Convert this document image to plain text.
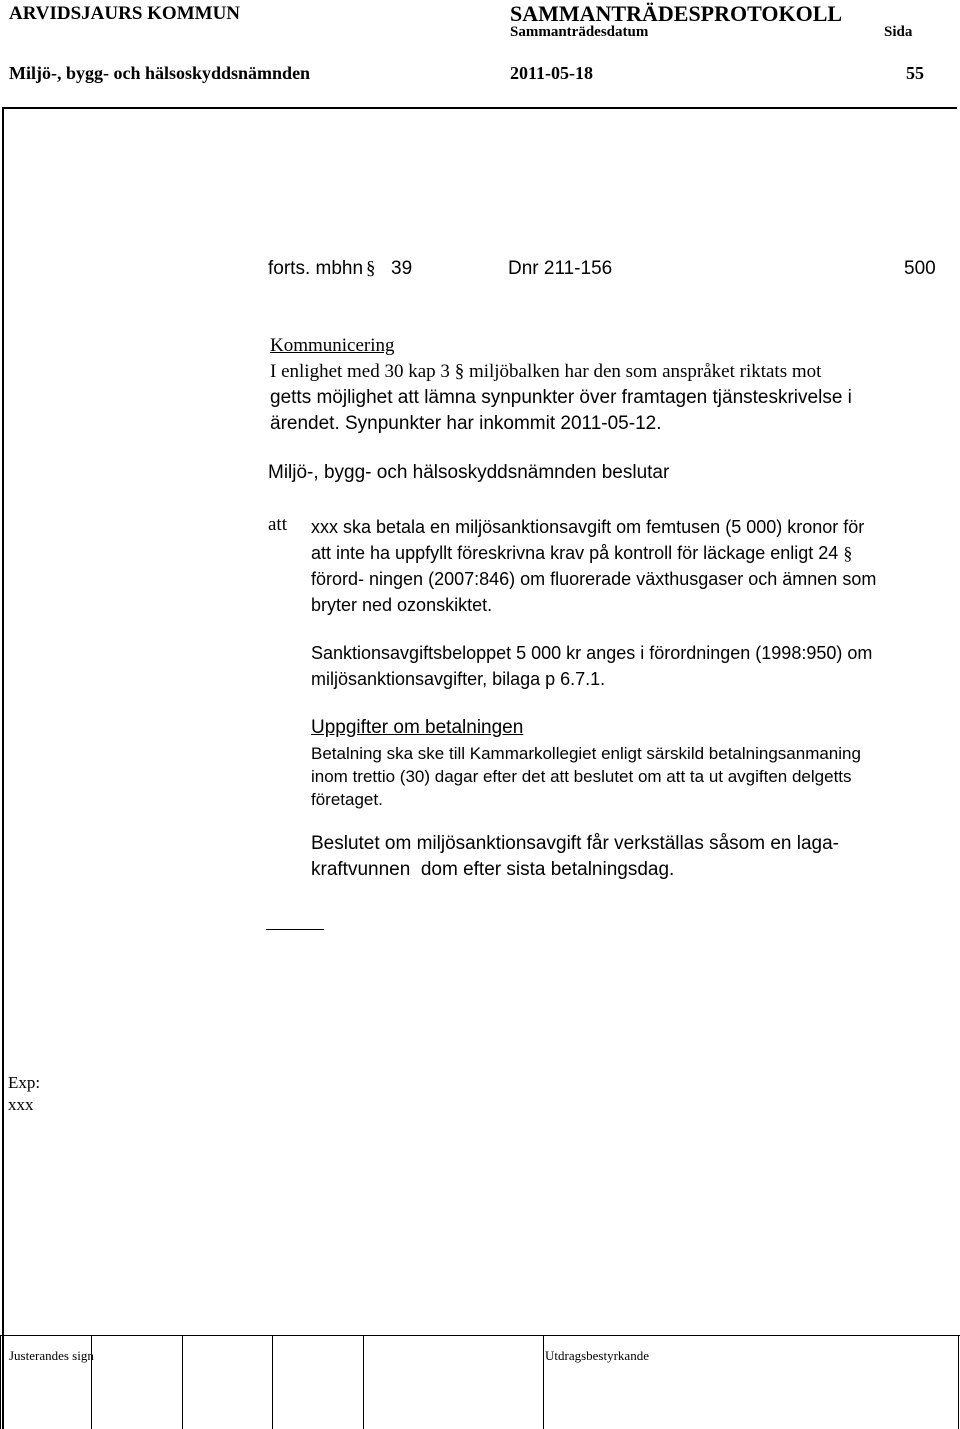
ARVIDSJAURS KOMMUN	SAMMANTRÄDESPROTOKOLL
Sammanträdesdatum	Sida
Miljö-, bygg- och hälsoskyddsnämnden	2011-05-18	55
forts. mbhn § 39	Dnr 211-156	500
Kommunicering
I enlighet med 30 kap 3 § miljöbalken har den som anspråket riktats mot
getts möjlighet att lämna synpunkter över framtagen tjänsteskrivelse i
ärendet. Synpunkter har inkommit 2011-05-12.
Miljö-, bygg- och hälsoskyddsnämnden beslutar
att xxx ska betala en miljösanktionsavgift om femtusen (5 000) kronor för
att inte ha uppfyllt föreskrivna krav på kontroll för läckage enligt 24 §
förord- ningen (2007:846) om fluorerade växthusgaser och ämnen som
bryter ned ozonskiktet.
Sanktionsavgiftsbeloppet 5 000 kr anges i förordningen (1998:950) om
miljösanktionsavgifter, bilaga p 6.7.1.
Uppgifter om betalningen
Betalning ska ske till Kammarkollegiet enligt särskild betalningsanmaning
inom trettio (30) dagar efter det att beslutet om att ta ut avgiften delgetts
företaget.
Beslutet om miljösanktionsavgift får verkställas såsom en laga-
kraftvunnen  dom efter sista betalningsdag.
Exp:
xxx
Justerandes sign	Utdragsbestyrkande
